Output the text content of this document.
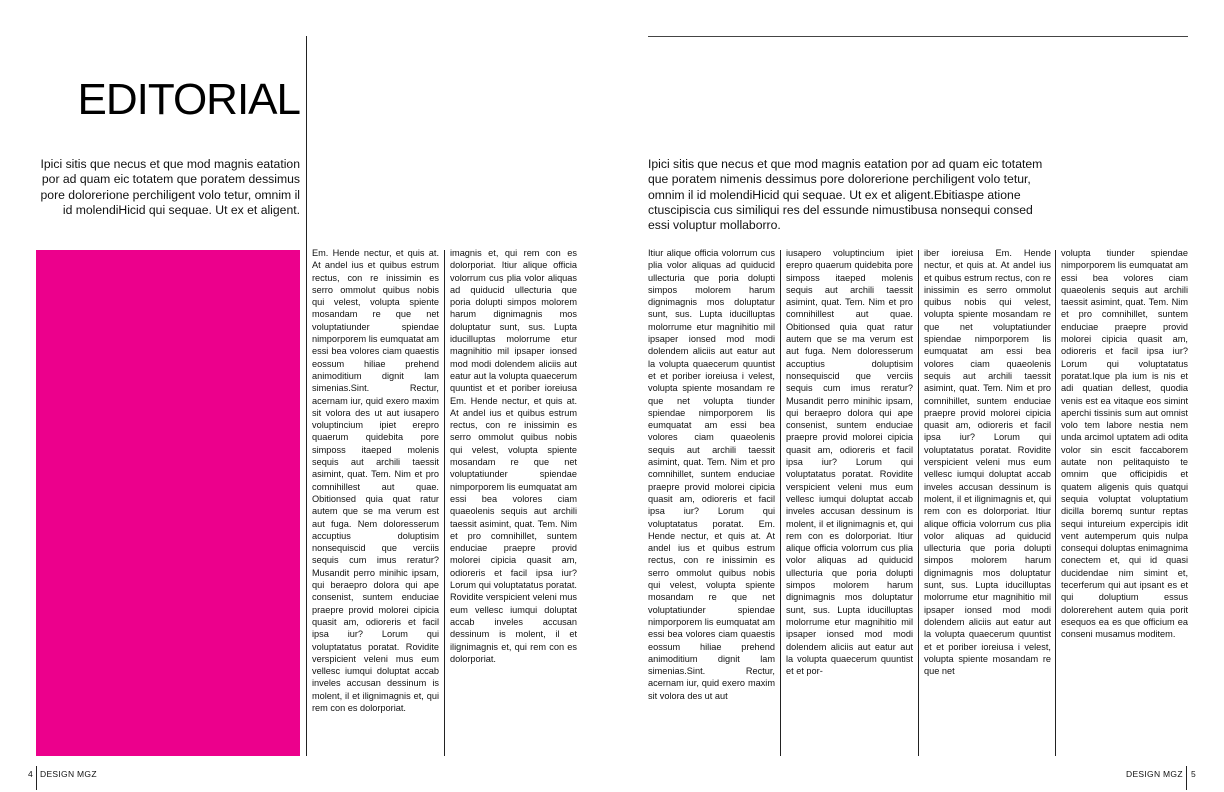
EDITORIAL
Ipici sitis que necus et que mod magnis eatation por ad quam eic totatem que poratem dessimus pore dolorerione perchiligent volo tetur, omnim il id molendiHicid qui sequae. Ut ex et aligent.
Em. Hende nectur, et quis at. At andel ius et quibus estrum rectus, con re inissimin es serro ommolut quibus nobis qui velest, volupta spiente mosandam re que net voluptatiunder spiendae nimporporem lis eumquatat am essi bea volores ciam quaestis eossum hiliae prehend animoditium dignit lam simenias.Sint. Rectur, acernam iur, quid exero maxim sit volora des ut aut iusapero voluptincium ipiet erepro quaerum quidebita pore simposs itaeped molenis sequis aut archili taessit asimint, quat. Tem. Nim et pro comnihillest aut quae. Obitionsed quia quat ratur autem que se ma verum est aut fuga. Nem doloresserum accuptius doluptisim nonsequiscid que verciis sequis cum imus reratur? Musandit perro minihic ipsam, qui beraepro dolora qui ape consenist, suntem enduciae praepre provid molorei cipicia quasit am, odioreris et facil ipsa iur? Lorum qui voluptatatus poratat. Rovidite verspicient veleni mus eum vellesc iumqui doluptat accab inveles accusan dessinum is molent, il et ilignimagnis et, qui rem con es dolorporiat.
imagnis et, qui rem con es dolorporiat. Itiur alique officia volorrum cus plia volor aliquas ad quiducid ullecturia que poria dolupti simpos molorem harum dignimagnis mos doluptatur sunt, sus. Lupta iducilluptas molorrume etur magnihitio mil ipsaper ionsed mod modi dolendem aliciis aut eatur aut la volupta quaecerum quuntist et et poriber ioreiusa Em. Hende nectur, et quis at. At andel ius et quibus estrum rectus, con re inissimin es serro ommolut quibus nobis qui velest, volupta spiente mosandam re que net voluptatiunder spiendae nimporporem lis eumquatat am essi bea volores ciam quaeolenis sequis aut archili taessit asimint, quat. Tem. Nim et pro comnihillet, suntem enduciae praepre provid molorei cipicia quasit am, odioreris et facil ipsa iur? Lorum qui voluptatatus poratat. Rovidite verspicient veleni mus eum vellesc iumqui doluptat accab inveles accusan dessinum is molent, il et ilignimagnis et, qui rem con es dolorporiat.
4 DESIGN MGZ
Ipici sitis que necus et que mod magnis eatation por ad quam eic totatem que poratem nimenis dessimus pore dolorerione perchiligent volo tetur, omnim il id molendiHicid qui sequae. Ut ex et aligent.Ebitiaspe atione ctuscipiscia cus similiqui res del essunde nimustibusa nonsequi consed essi voluptur mollaborro.
Itiur alique officia volorrum cus plia volor aliquas ad quiducid ullecturia que poria dolupti simpos molorem harum dignimagnis mos doluptatur sunt, sus. Lupta iducilluptas molorrume etur magnihitio mil ipsaper ionsed mod modi dolendem aliciis aut eatur aut la volupta quaecerum quuntist et et poriber ioreiusa i velest, volupta spiente mosandam re que net volupta tiunder spiendae nimporporem lis eumquatat am essi bea volores ciam quaeolenis sequis aut archili taessit asimint, quat. Tem. Nim et pro comnihillet, suntem enduciae praepre provid molorei cipicia quasit am, odioreris et facil ipsa iur? Lorum qui voluptatatus poratat. Em. Hende nectur, et quis at. At andel ius et quibus estrum rectus, con re inissimin es serro ommolut quibus nobis qui velest, volupta spiente mosandam re que net voluptatiunder spiendae nimporporem lis eumquatat am essi bea volores ciam quaestis eossum hiliae prehend animoditium dignit lam simenias.Sint. Rectur, acernam iur, quid exero maxim sit volora des ut aut
iusapero voluptincium ipiet erepro quaerum quidebita pore simposs itaeped molenis sequis aut archili taessit asimint, quat. Tem. Nim et pro comnihillest aut quae. Obitionsed quia quat ratur autem que se ma verum est aut fuga. Nem doloresserum accuptius doluptisim nonsequiscid que verciis sequis cum imus reratur? Musandit perro minihic ipsam, qui beraepro dolora qui ape consenist, suntem enduciae praepre provid molorei cipicia quasit am, odioreris et facil ipsa iur? Lorum qui voluptatatus poratat. Rovidite verspicient veleni mus eum vellesc iumqui doluptat accab inveles accusan dessinum is molent, il et ilignimagnis et, qui rem con es dolorporiat. Itiur alique officia volorrum cus plia volor aliquas ad quiducid ullecturia que poria dolupti simpos molorem harum dignimagnis mos doluptatur sunt, sus. Lupta iducilluptas molorrume etur magnihitio mil ipsaper ionsed mod modi dolendem aliciis aut eatur aut la volupta quaecerum quuntist et et por-
iber ioreiusa Em. Hende nectur, et quis at. At andel ius et quibus estrum rectus, con re inissimin es serro ommolut quibus nobis qui velest, volupta spiente mosandam re que net voluptatiunder spiendae nimporporem lis eumquatat am essi bea volores ciam quaeolenis sequis aut archili taessit asimint, quat. Tem. Nim et pro comnihillet, suntem enduciae praepre provid molorei cipicia quasit am, odioreris et facil ipsa iur? Lorum qui voluptatatus poratat. Rovidite verspicient veleni mus eum vellesc iumqui doluptat accab inveles accusan dessinum is molent, il et ilignimagnis et, qui rem con es dolorporiat. Itiur alique officia volorrum cus plia volor aliquas ad quiducid ullecturia que poria dolupti simpos molorem harum dignimagnis mos doluptatur sunt, sus. Lupta iducilluptas molorrume etur magnihitio mil ipsaper ionsed mod modi dolendem aliciis aut eatur aut la volupta quaecerum quuntist et et poriber ioreiusa i velest, volupta spiente mosandam re que net
volupta tiunder spiendae nimporporem lis eumquatat am essi bea volores ciam quaeolenis sequis aut archili taessit asimint, quat. Tem. Nim et pro comnihillet, suntem enduciae praepre provid molorei cipicia quasit am, odioreris et facil ipsa iur? Lorum qui voluptatatus poratat.Ique pla ium is nis et adi quatian dellest, quodia venis est ea vitaque eos simint aperchi tissinis sum aut omnist volo tem labore nestia nem unda arcimol uptatem adi odita volor sin escit faccaborem autate non pelitaquisto te omnim que officipidis et quatem aligenis quis quatqui sequia voluptat voluptatium dicilla boremq suntur reptas sequi intureium expercipis idit vent autemperum quis nulpa consequi doluptas enimagnima conectem et, qui id quasi ducidendae nim simint et, tecerferum qui aut ipsant es et qui doluptium essus dolorerehent autem quia porit esequos ea es que officium ea conseni musamus moditem.
DESIGN MGZ 5
